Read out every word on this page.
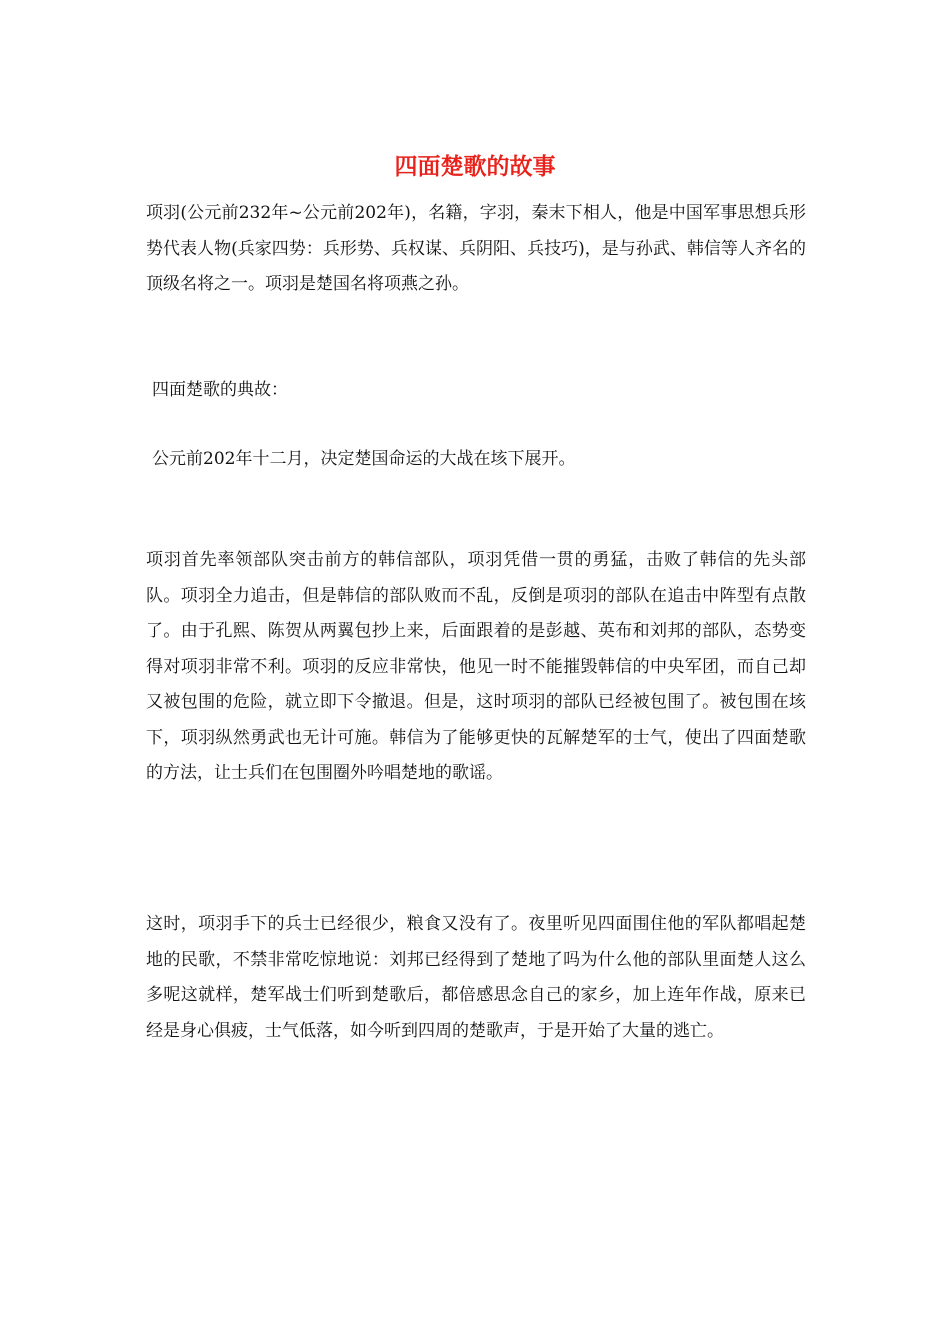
四面楚歌的故事

项羽(公元前232年~公元前202年)，名籍，字羽，秦末下相人，他是中国军事思想兵形势代表人物(兵家四势：兵形势、兵权谋、兵阴阳、兵技巧)，是与孙武、韩信等人齐名的顶级名将之一。项羽是楚国名将项燕之孙。

四面楚歌的典故：

公元前202年十二月，决定楚国命运的大战在垓下展开。

项羽首先率领部队突击前方的韩信部队，项羽凭借一贯的勇猛，击败了韩信的先头部队。项羽全力追击，但是韩信的部队败而不乱，反倒是项羽的部队在追击中阵型有点散了。由于孔熙、陈贺从两翼包抄上来，后面跟着的是彭越、英布和刘邦的部队，态势变得对项羽非常不利。项羽的反应非常快，他见一时不能摧毁韩信的中央军团，而自己却又被包围的危险，就立即下令撤退。但是，这时项羽的部队已经被包围了。被包围在垓下，项羽纵然勇武也无计可施。韩信为了能够更快的瓦解楚军的士气，使出了四面楚歌的方法，让士兵们在包围圈外吟唱楚地的歌谣。

这时，项羽手下的兵士已经很少，粮食又没有了。夜里听见四面围住他的军队都唱起楚地的民歌，不禁非常吃惊地说：刘邦已经得到了楚地了吗为什么他的部队里面楚人这么多呢这就样，楚军战士们听到楚歌后，都倍感思念自己的家乡，加上连年作战，原来已经是身心俱疲，士气低落，如今听到四周的楚歌声，于是开始了大量的逃亡。
